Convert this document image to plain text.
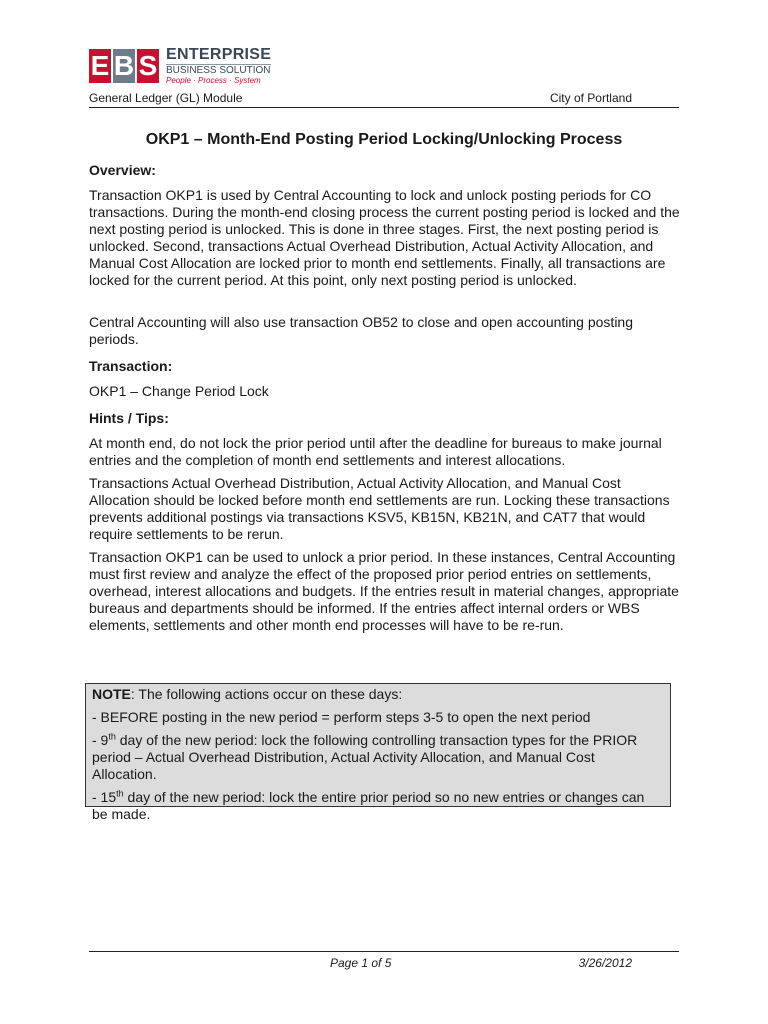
E B S ENTERPRISE
BUSINESS SOLUTION
People · Process · System
General Ledger (GL) Module	City of Portland
OKP1 – Month-End Posting Period Locking/Unlocking Process

Overview:

Transaction OKP1 is used by Central Accounting to lock and unlock posting periods for CO transactions. During the month-end closing process the current posting period is locked and the next posting period is unlocked. This is done in three stages. First, the next posting period is unlocked. Second, transactions Actual Overhead Distribution, Actual Activity Allocation, and Manual Cost Allocation are locked prior to month end settlements. Finally, all transactions are locked for the current period. At this point, only next posting period is unlocked.

Central Accounting will also use transaction OB52 to close and open accounting posting periods.

Transaction:

OKP1 – Change Period Lock

Hints / Tips:

At month end, do not lock the prior period until after the deadline for bureaus to make journal entries and the completion of month end settlements and interest allocations.

Transactions Actual Overhead Distribution, Actual Activity Allocation, and Manual Cost Allocation should be locked before month end settlements are run. Locking these transactions prevents additional postings via transactions KSV5, KB15N, KB21N, and CAT7 that would require settlements to be rerun.

Transaction OKP1 can be used to unlock a prior period. In these instances, Central Accounting must first review and analyze the effect of the proposed prior period entries on settlements, overhead, interest allocations and budgets. If the entries result in material changes, appropriate bureaus and departments should be informed. If the entries affect internal orders or WBS elements, settlements and other month end processes will have to be re-run.

NOTE: The following actions occur on these days:

- BEFORE posting in the new period = perform steps 3-5 to open the next period

- 9th day of the new period: lock the following controlling transaction types for the PRIOR period – Actual Overhead Distribution, Actual Activity Allocation, and Manual Cost Allocation.

- 15th day of the new period: lock the entire prior period so no new entries or changes can be made.

Page 1 of 5	3/26/2012
